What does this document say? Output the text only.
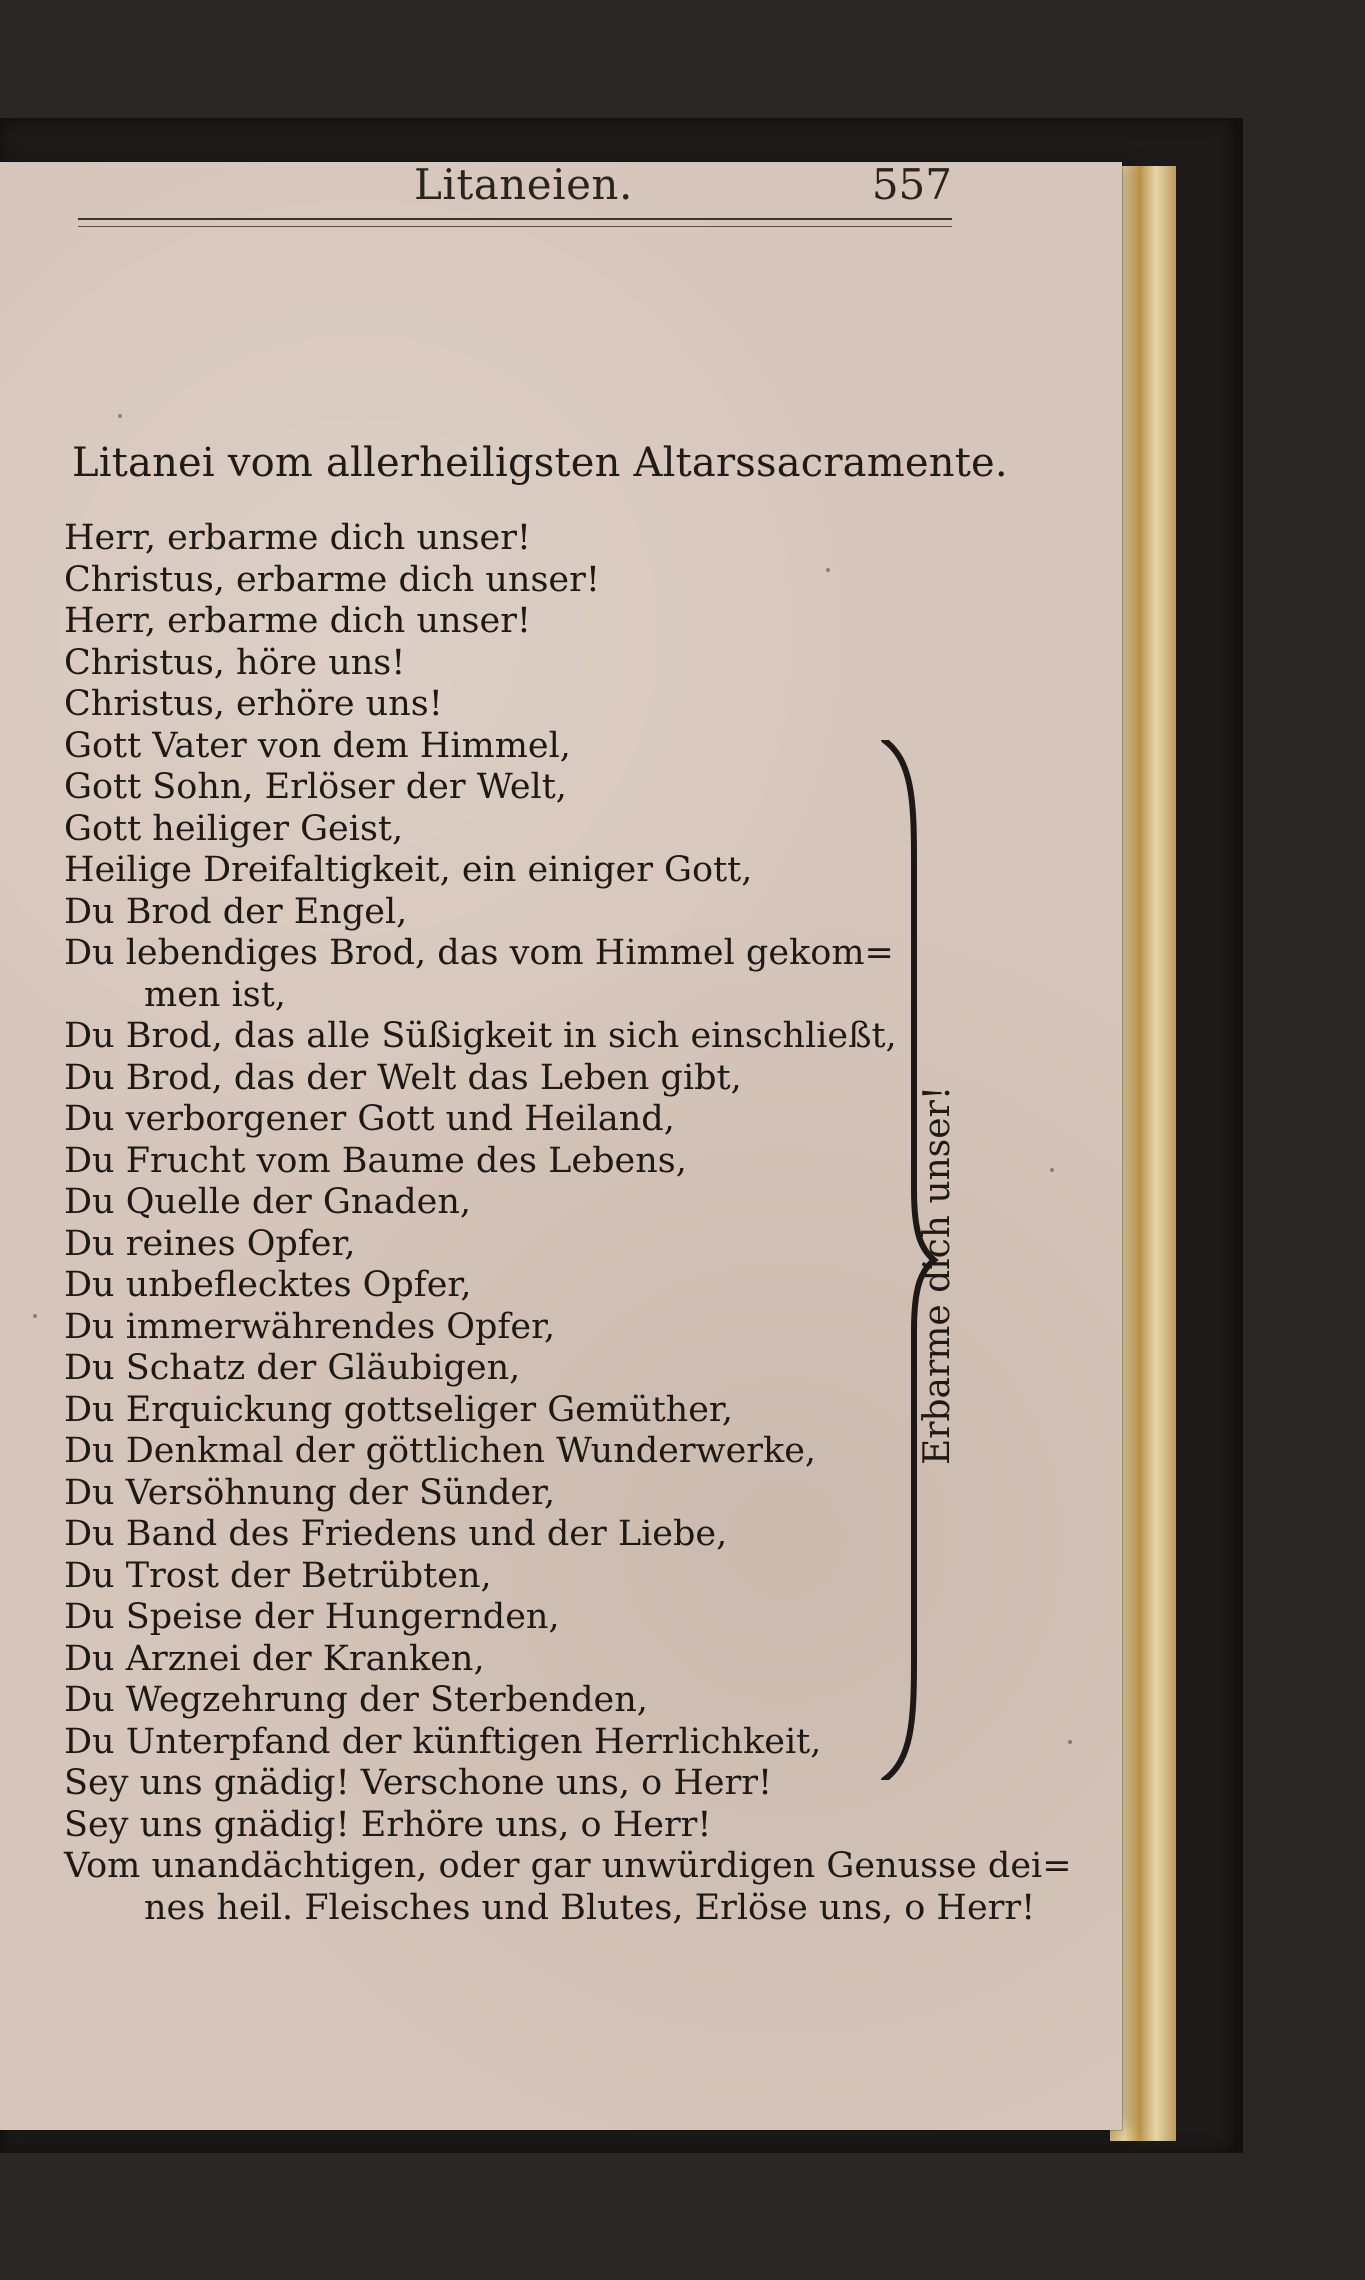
Litaneien.	557
Litanei vom allerheiligsten Altarssacramente.
Herr, erbarme dich unser!
Christus, erbarme dich unser!
Herr, erbarme dich unser!
Christus, höre uns!
Christus, erhöre uns!
Gott Vater von dem Himmel,
Gott Sohn, Erlöser der Welt,
Gott heiliger Geist,
Heilige Dreifaltigkeit, ein einiger Gott,
Du Brod der Engel,
Du lebendiges Brod, das vom Himmel gekom=
men ist,
Du Brod, das alle Süßigkeit in sich einschließt,
Du Brod, das der Welt das Leben gibt,
Du verborgener Gott und Heiland,
Du Frucht vom Baume des Lebens,
Du Quelle der Gnaden,
Du reines Opfer,
Du unbeflecktes Opfer,
Du immerwährendes Opfer,
Du Schatz der Gläubigen,
Du Erquickung gottseliger Gemüther,
Du Denkmal der göttlichen Wunderwerke,
Du Versöhnung der Sünder,
Du Band des Friedens und der Liebe,
Du Trost der Betrübten,
Du Speise der Hungernden,
Du Arznei der Kranken,
Du Wegzehrung der Sterbenden,
Du Unterpfand der künftigen Herrlichkeit,
Sey uns gnädig! Verschone uns, o Herr!
Sey uns gnädig! Erhöre uns, o Herr!
Vom unandächtigen, oder gar unwürdigen Genusse dei=
nes heil. Fleisches und Blutes, Erlöse uns, o Herr!
Erbarme dich unser!
